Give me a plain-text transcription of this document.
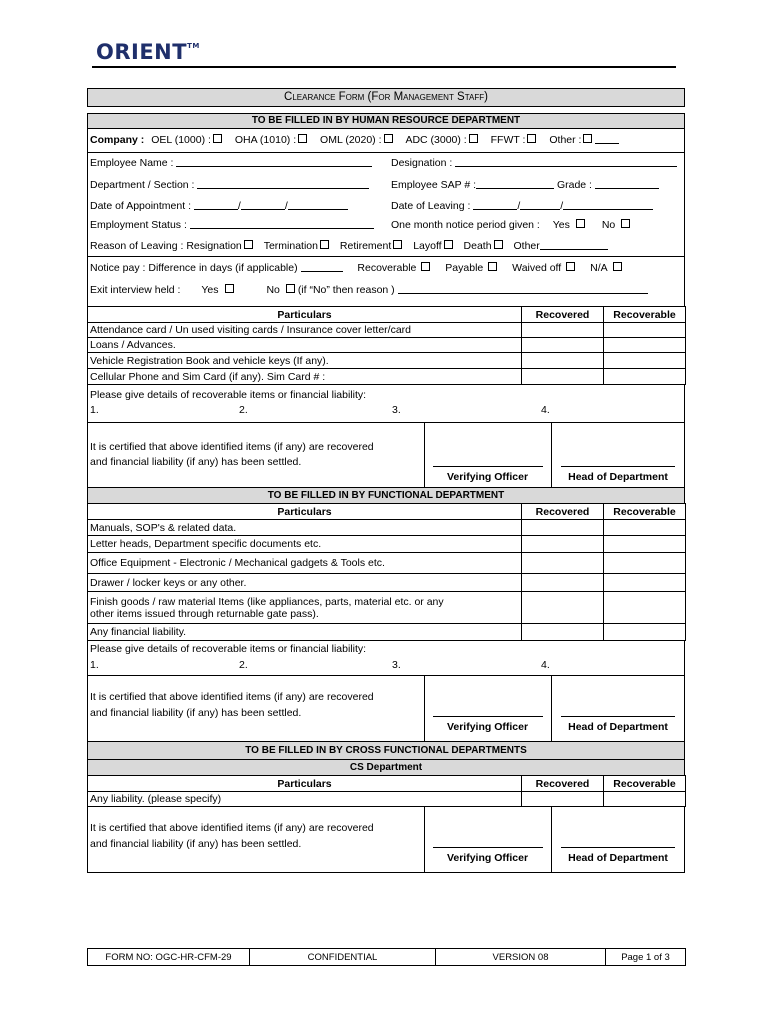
ORIENT™
Clearance Form (For Management Staff)
TO BE FILLED IN BY HUMAN RESOURCE DEPARTMENT
Company : OEL (1000) : OHA (1010) : OML (2020) : ADC (3000) : FFWT : Other :
Employee Name :	Designation :
Department / Section :	Employee SAP # :	Grade :
Date of Appointment :	/	/	Date of Leaving :	/	/
Employment Status :	One month notice period given : Yes	No
Reason of Leaving : Resignation Termination Retirement Layoff Death Other
Notice pay : Difference in days (if applicable)	Recoverable	Payable	Waived off	N/A
Exit interview held : Yes	No (if “No” then reason )
Particulars	Recovered	Recoverable
Attendance card / Un used visiting cards / Insurance cover letter/card		
Loans / Advances.		
Vehicle Registration Book and vehicle keys (If any).		
Cellular Phone and Sim Card (if any). Sim Card # :		
Please give details of recoverable items or financial liability:
1.	2.	3.	4.
It is certified that above identified items (if any) are recovered
and financial liability (if any) has been settled.
Verifying Officer	Head of Department
TO BE FILLED IN BY FUNCTIONAL DEPARTMENT
Particulars	Recovered	Recoverable
Manuals, SOP's & related data.		
Letter heads, Department specific documents etc.		
Office Equipment - Electronic / Mechanical gadgets & Tools etc.		
Drawer / locker keys or any other.		

Finish goods / raw material Items (like appliances, parts, material etc. or any
other items issued through returnable gate pass).		

Any financial liability.		
Please give details of recoverable items or financial liability:
1.	2.	3.	4.
It is certified that above identified items (if any) are recovered
and financial liability (if any) has been settled.
Verifying Officer	Head of Department
TO BE FILLED IN BY CROSS FUNCTIONAL DEPARTMENTS
CS Department
Particulars	Recovered	Recoverable
Any liability. (please specify)		
It is certified that above identified items (if any) are recovered
and financial liability (if any) has been settled.
Verifying Officer	Head of Department
FORM NO: OGC-HR-CFM-29	CONFIDENTIAL	VERSION 08	Page 1 of 3
